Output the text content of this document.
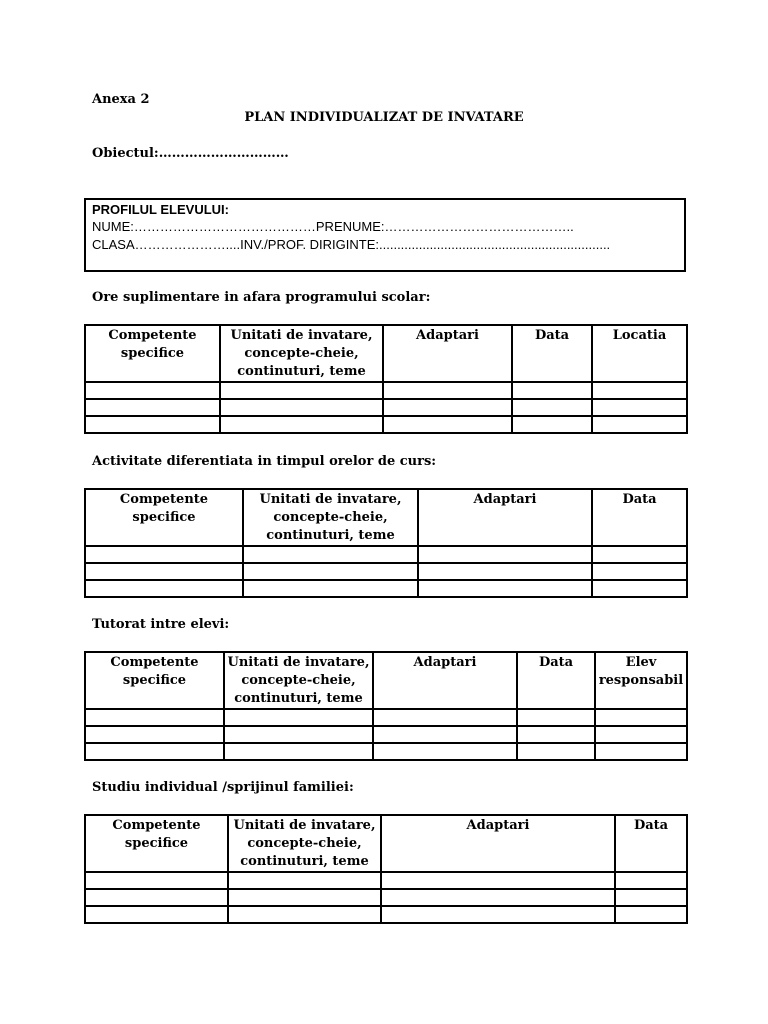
Anexa 2
PLAN INDIVIDUALIZAT DE INVATARE
Obiectul:…………………………
PROFILUL ELEVULUI:
NUME:……………………………………PRENUME:……………………………………..
CLASA…………………....INV./PROF. DIRIGINTE:................................................................
Ore suplimentare in afara programului scolar:
Competente specifice	Unitati de invatare, concepte-cheie, continuturi, teme	Adaptari	Data	Locatia

Activitate diferentiata in timpul orelor de curs:
Competente specifice	Unitati de invatare, concepte-cheie, continuturi, teme	Adaptari	Data

Tutorat intre elevi:
Competente specifice	Unitati de invatare, concepte-cheie, continuturi, teme	Adaptari	Data	Elev responsabil

Studiu individual /sprijinul familiei:
Competente specifice	Unitati de invatare, concepte-cheie, continuturi, teme	Adaptari	Data
